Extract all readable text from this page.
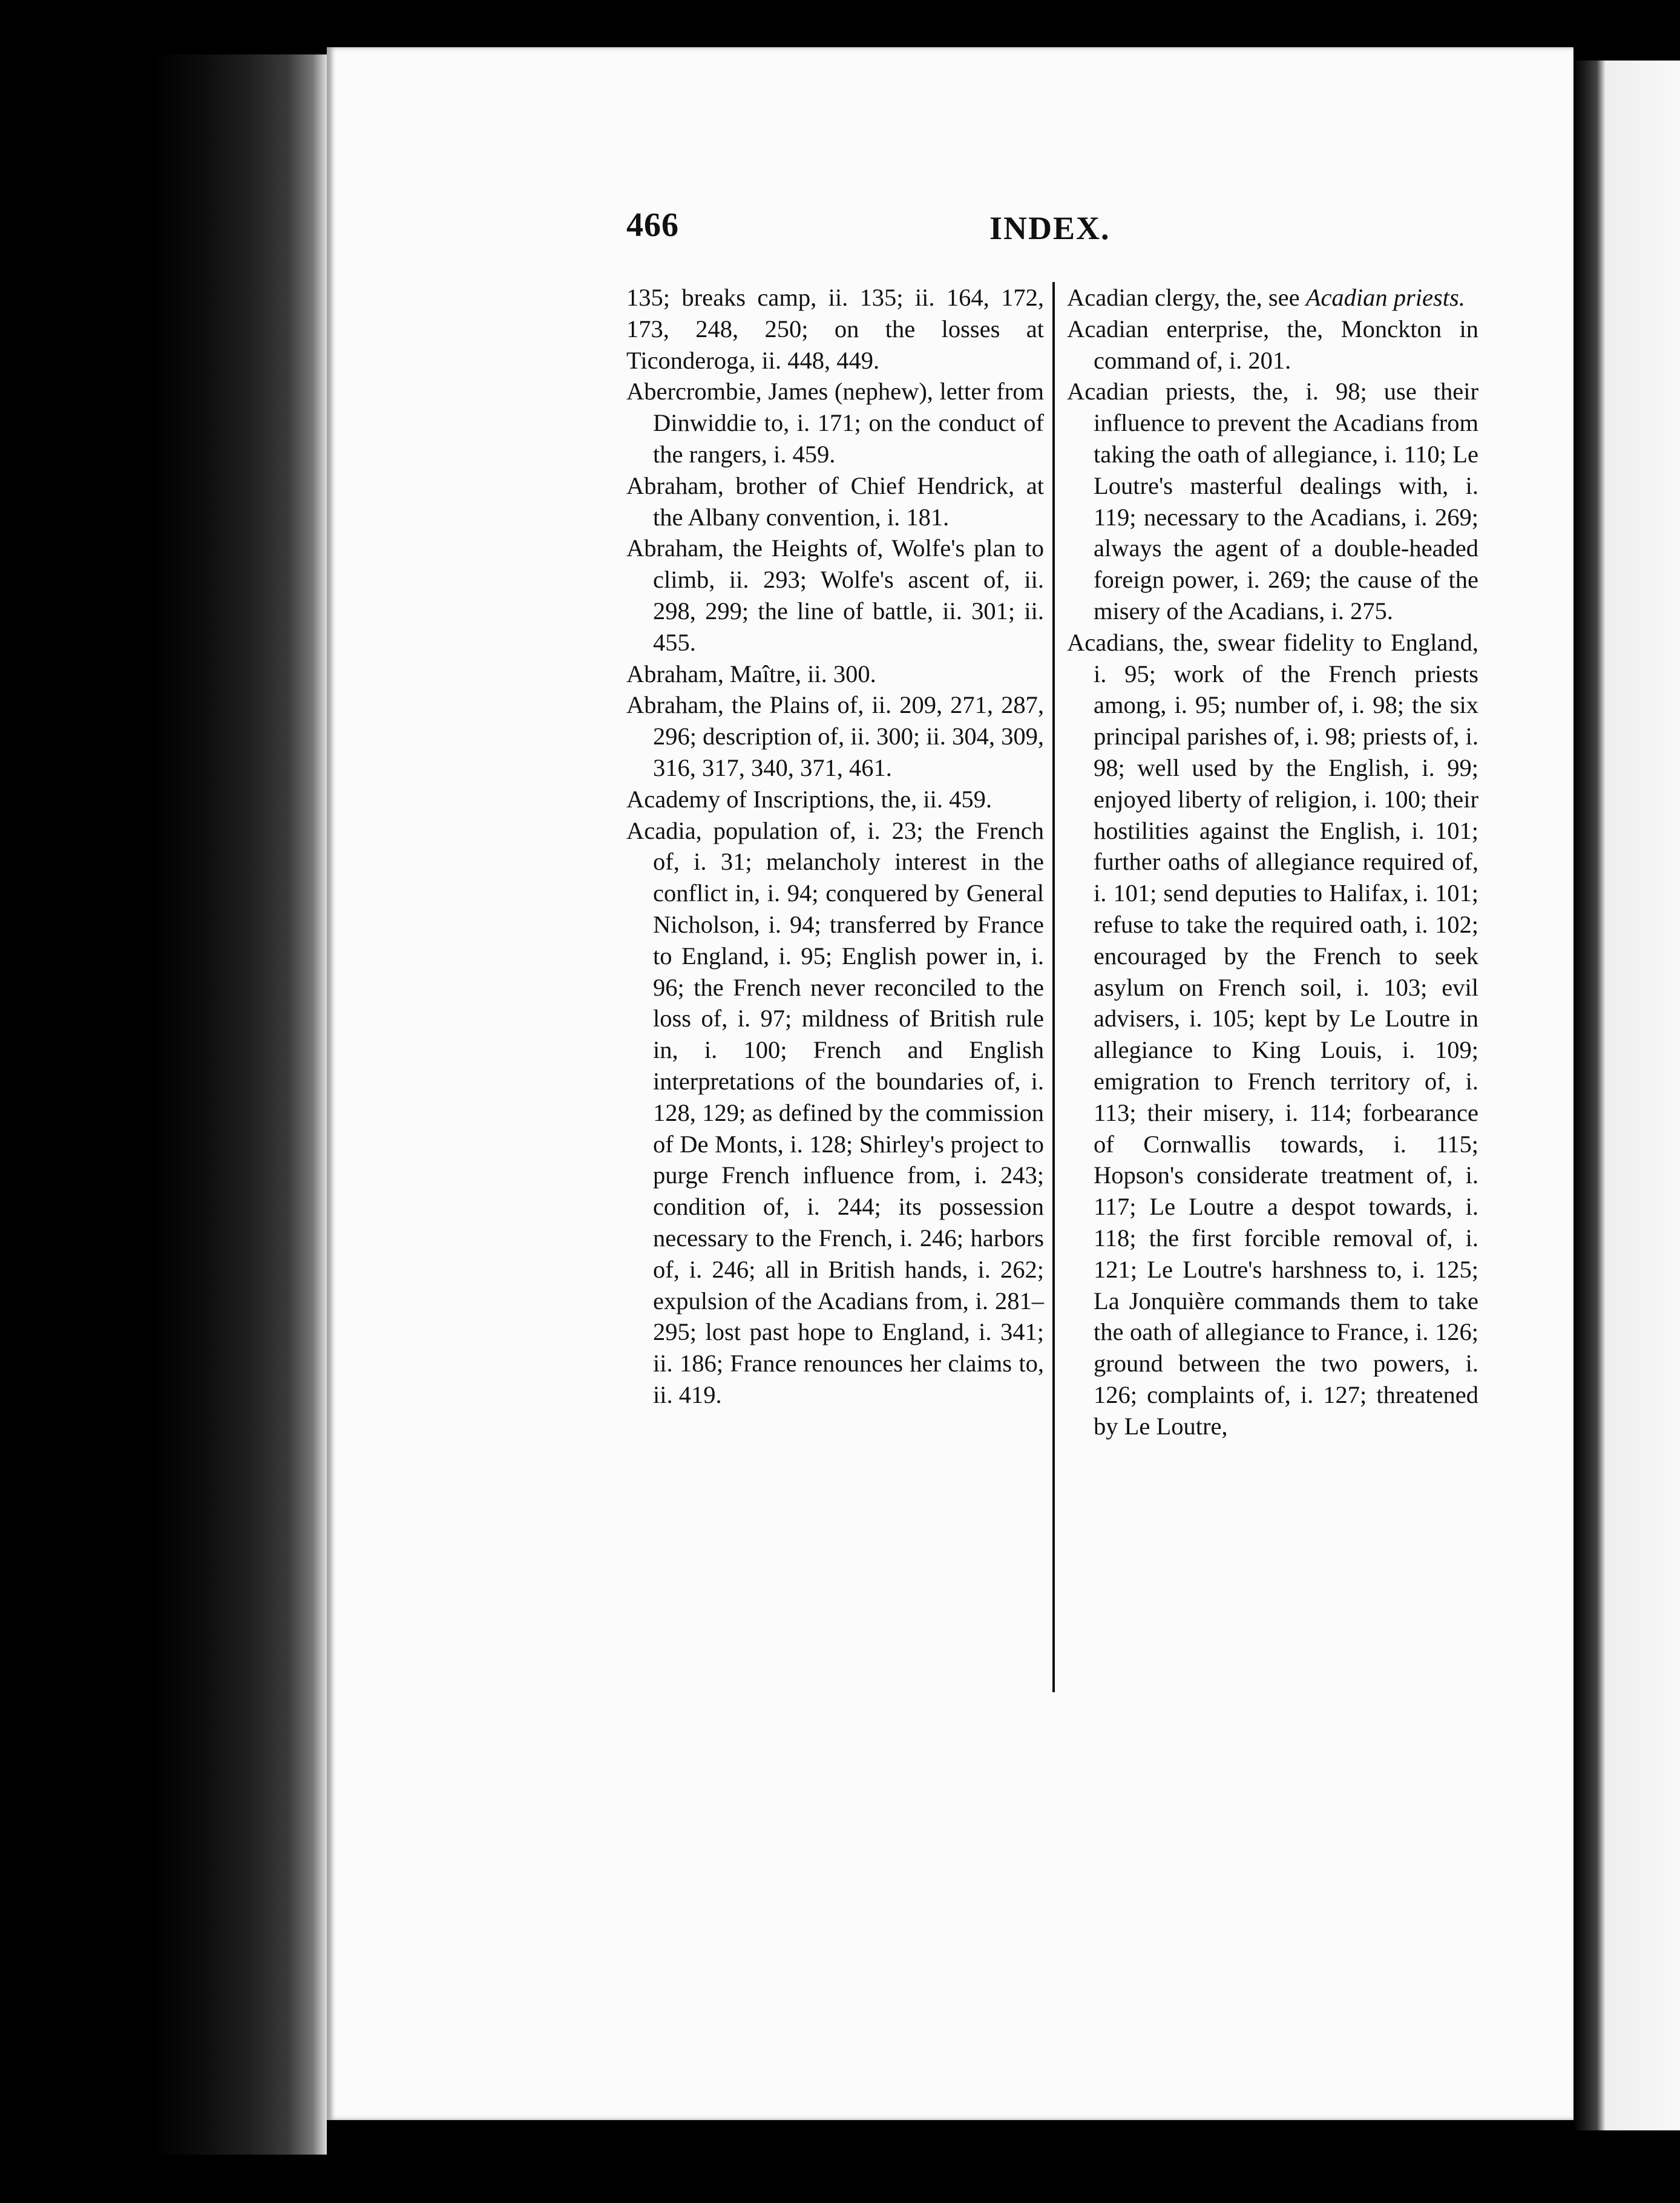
466	INDEX.

135; breaks camp, ii. 135; ii. 164, 172, 173, 248, 250; on the losses at Ticonderoga, ii. 448, 449.

Abercrombie, James (nephew), letter from Dinwiddie to, i. 171; on the conduct of the rangers, i. 459.

Abraham, brother of Chief Hendrick, at the Albany convention, i. 181.

Abraham, the Heights of, Wolfe's plan to climb, ii. 293; Wolfe's ascent of, ii. 298, 299; the line of battle, ii. 301; ii. 455.

Abraham, Maître, ii. 300.

Abraham, the Plains of, ii. 209, 271, 287, 296; description of, ii. 300; ii. 304, 309, 316, 317, 340, 371, 461.

Academy of Inscriptions, the, ii. 459.

Acadia, population of, i. 23; the French of, i. 31; melancholy interest in the conflict in, i. 94; conquered by General Nicholson, i. 94; transferred by France to England, i. 95; English power in, i. 96; the French never reconciled to the loss of, i. 97; mildness of British rule in, i. 100; French and English interpretations of the boundaries of, i. 128, 129; as defined by the commission of De Monts, i. 128; Shirley's project to purge French influence from, i. 243; condition of, i. 244; its possession necessary to the French, i. 246; harbors of, i. 246; all in British hands, i. 262; expulsion of the Acadians from, i. 281–295; lost past hope to England, i. 341; ii. 186; France renounces her claims to, ii. 419.

Acadian clergy, the, see Acadian priests.

Acadian enterprise, the, Monckton in command of, i. 201.

Acadian priests, the, i. 98; use their influence to prevent the Acadians from taking the oath of allegiance, i. 110; Le Loutre's masterful dealings with, i. 119; necessary to the Acadians, i. 269; always the agent of a double-headed foreign power, i. 269; the cause of the misery of the Acadians, i. 275.

Acadians, the, swear fidelity to England, i. 95; work of the French priests among, i. 95; number of, i. 98; the six principal parishes of, i. 98; priests of, i. 98; well used by the English, i. 99; enjoyed liberty of religion, i. 100; their hostilities against the English, i. 101; further oaths of allegiance required of, i. 101; send deputies to Halifax, i. 101; refuse to take the required oath, i. 102; encouraged by the French to seek asylum on French soil, i. 103; evil advisers, i. 105; kept by Le Loutre in allegiance to King Louis, i. 109; emigration to French territory of, i. 113; their misery, i. 114; forbearance of Cornwallis towards, i. 115; Hopson's considerate treatment of, i. 117; Le Loutre a despot towards, i. 118; the first forcible removal of, i. 121; Le Loutre's harshness to, i. 125; La Jonquière commands them to take the oath of allegiance to France, i. 126; ground between the two powers, i. 126; complaints of, i. 127; threatened by Le Loutre,
